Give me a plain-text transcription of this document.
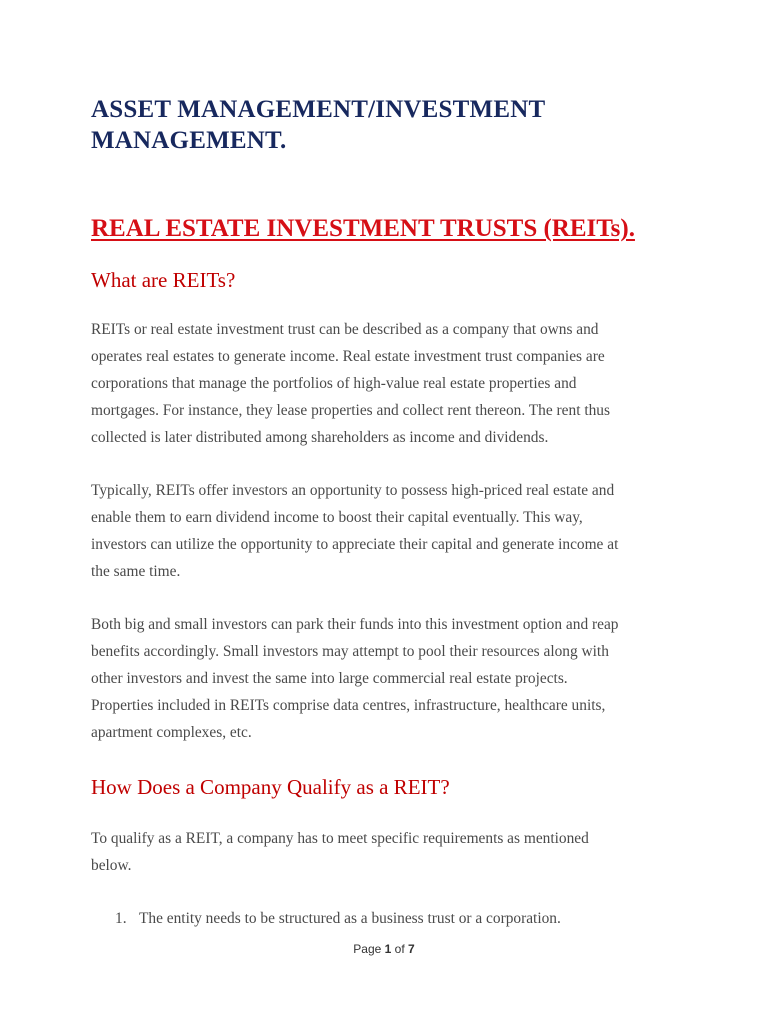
ASSET MANAGEMENT/INVESTMENT
MANAGEMENT.
REAL ESTATE INVESTMENT TRUSTS (REITs).
What are REITs?

REITs or real estate investment trust can be described as a company that owns and
operates real estates to generate income. Real estate investment trust companies are
corporations that manage the portfolios of high-value real estate properties and
mortgages. For instance, they lease properties and collect rent thereon. The rent thus
collected is later distributed among shareholders as income and dividends.

Typically, REITs offer investors an opportunity to possess high-priced real estate and
enable them to earn dividend income to boost their capital eventually. This way,
investors can utilize the opportunity to appreciate their capital and generate income at
the same time.

Both big and small investors can park their funds into this investment option and reap
benefits accordingly. Small investors may attempt to pool their resources along with
other investors and invest the same into large commercial real estate projects.
Properties included in REITs comprise data centres, infrastructure, healthcare units,
apartment complexes, etc.

How Does a Company Qualify as a REIT?

To qualify as a REIT, a company has to meet specific requirements as mentioned
below.

1. The entity needs to be structured as a business trust or a corporation.
Page 1 of 7
